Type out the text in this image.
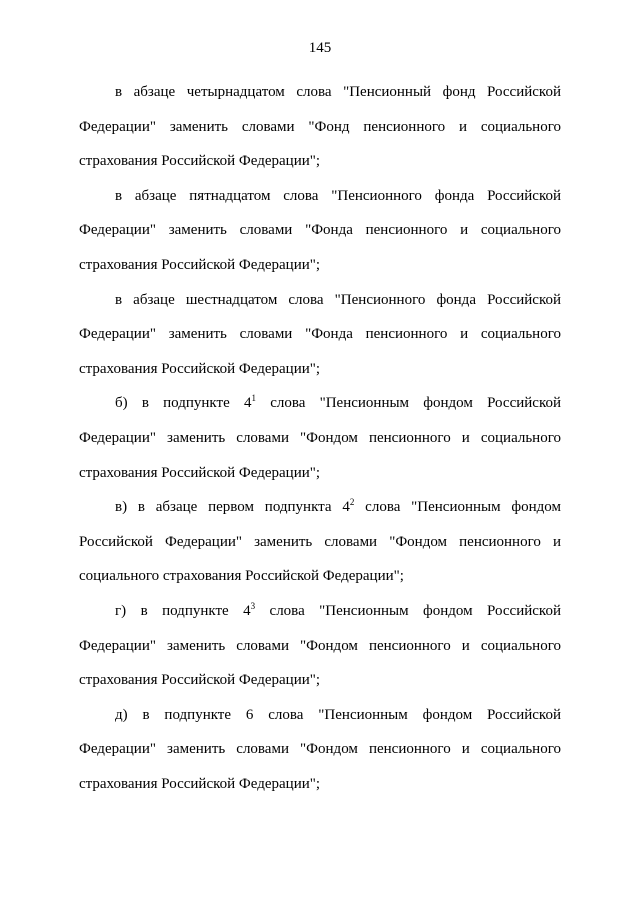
145

в абзаце четырнадцатом слова "Пенсионный фонд Российской Федерации" заменить словами "Фонд пенсионного и социального страхования Российской Федерации";

в абзаце пятнадцатом слова "Пенсионного фонда Российской Федерации" заменить словами "Фонда пенсионного и социального страхования Российской Федерации";

в абзаце шестнадцатом слова "Пенсионного фонда Российской Федерации" заменить словами "Фонда пенсионного и социального страхования Российской Федерации";

б) в подпункте $4^1$ слова "Пенсионным фондом Российской Федерации" заменить словами "Фондом пенсионного и социального страхования Российской Федерации";

в) в абзаце первом подпункта $4^2$ слова "Пенсионным фондом Российской Федерации" заменить словами "Фондом пенсионного и социального страхования Российской Федерации";

г) в подпункте $4^3$ слова "Пенсионным фондом Российской Федерации" заменить словами "Фондом пенсионного и социального страхования Российской Федерации";

д) в подпункте 6 слова "Пенсионным фондом Российской Федерации" заменить словами "Фондом пенсионного и социального страхования Российской Федерации";
